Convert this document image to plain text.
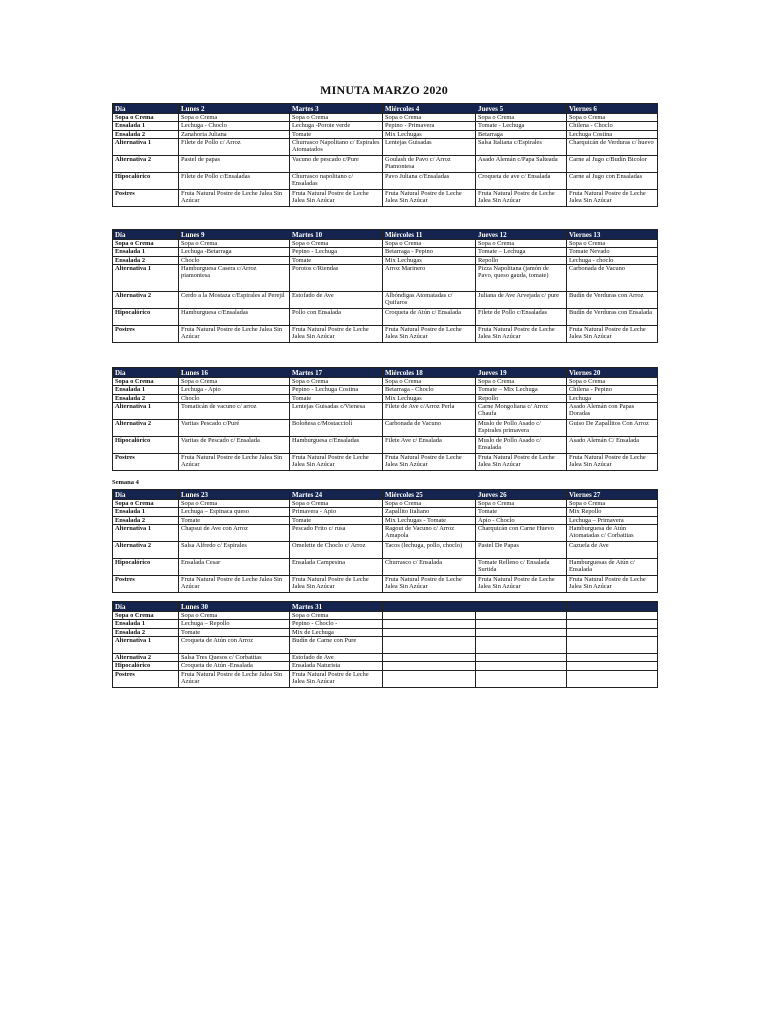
MINUTA MARZO 2020
Semana 4
Día	Lunes 2	Martes 3	Miércoles 4	Jueves 5	Viernes 6
Sopa o Crema	Sopa o Crema	Sopa o Crema	Sopa o Crema	Sopa o Crema	Sopa o Crema
Ensalada 1	Lechuga - Choclo	Lechuga -Porote verde	Pepino - Primavera	Tomate - Lechuga	Chilena - Choclo
Ensalada 2	Zanahoria Juliana	Tomate	Mix Lechugas	Betarraga	Lechuga Costina
Alternativa 1	Filete de Pollo c/ Arroz	Churrasco Napolitano c/ Espirales Atomatados	Lentejas Guisadas	Salsa Italiana c/Espirales	Charquicán de Verduras c/ huevo
Alternativa 2	Pastel de papas	Vacuno de pescado c/Pure	Goulash de Pavo c/ Arroz Piamontesa	Asado Alemán c/Papa Salteada	Carne al Jugo c/Budín Bicolor
Hipocalórico	Filete de Pollo c/Ensaladas	Churrasco napolitano c/ Ensaladas	Pavo Juliana c/Ensaladas	Croqueta de ave c/ Ensalada	Carne al Jugo con Ensaladas
Postres	Fruta Natural Postre de Leche Jalea Sin Azúcar	Fruta Natural Postre de Leche Jalea Sin Azúcar	Fruta Natural Postre de Leche Jalea Sin Azúcar	Fruta Natural Postre de Leche Jalea Sin Azúcar	Fruta Natural Postre de Leche Jalea Sin Azúcar
Día	Lunes 9	Martes 10	Miércoles 11	Jueves 12	Viernes 13
Sopa o Crema	Sopa o Crema	Sopa o Crema	Sopa o Crema	Sopa o Crema	Sopa o Crema
Ensalada 1	Lechuga -Betarraga	Pepino - Lechuga	Betarraga - Pepino	Tomate – Lechuga	Tomate Nevado
Ensalada 2	Choclo	Tomate	Mix Lechugas	Repollo	Lechuga - choclo
Alternativa 1	Hamburguesa Casera c/Arroz piamontesa	Porotos c/Riendas	Arroz Marinero	Pizza Napolitana (jamón de Pavo, queso gauda, tomate)	Carbonada de Vacuno
Alternativa 2	Cerdo a la Mostaza c/Espirales al Perejil	Estofado de Ave	Albóndigas Atomatadas c/ Quifaros	Juliana de Ave Arvejada c/ pure	Budín de Verduras con Arroz
Hipocalórico	Hamburguesa c/Ensaladas	Pollo con Ensalada	Croqueta de Atún c/ Ensalada	Filete de Pollo c/Ensaladas	Budín de Verduras con Ensalada
Postres	Fruta Natural Postre de Leche Jalea Sin Azúcar	Fruta Natural Postre de Leche Jalea Sin Azúcar	Fruta Natural Postre de Leche Jalea Sin Azúcar	Fruta Natural Postre de Leche Jalea Sin Azúcar	Fruta Natural Postre de Leche Jalea Sin Azúcar
Día	Lunes 16	Martes 17	Miércoles 18	Jueves 19	Viernes 20
Sopa o Crema	Sopa o Crema	Sopa o Crema	Sopa o Crema	Sopa o Crema	Sopa o Crema
Ensalada 1	Lechuga - Apio	Pepino - Lechuga Costina	Betarraga - Choclo	Tomate – Mix Lechuga	Chilena - Pepino
Ensalada 2	Choclo	Tomate	Mix Lechugas	Repollo	Lechuga
Alternativa 1	Tomaticán de vacuno c/ arroz	Lentejas Guisadas c/Vienesa	Filete de Ave c/Arroz Perla	Carne Mongoliana c/ Arroz Chaufa	Asado Alemán con Papas Doradas
Alternativa 2	Varitas Pescado c/Puré	Boloñesa c/Mostacciolí	Carbonada de Vacuno	Muslo de Pollo Asado c/ Espirales primavera	Guiso De Zapallitos Con Arroz
Hipocalórico	Varitas de Pescado c/ Ensalada	Hamburguesa c/Ensaladas	Filete Ave c/ Ensalada	Muslo de Pollo Asado c/ Ensalada	Asado Alemán C/ Ensalada
Postres	Fruta Natural Postre de Leche Jalea Sin Azúcar	Fruta Natural Postre de Leche Jalea Sin Azúcar	Fruta Natural Postre de Leche Jalea Sin Azúcar	Fruta Natural Postre de Leche Jalea Sin Azúcar	Fruta Natural Postre de Leche Jalea Sin Azúcar
Día	Lunes 23	Martes 24	Miércoles 25	Jueves 26	Viernes 27
Sopa o Crema	Sopa o Crema	Sopa o Crema	Sopa o Crema	Sopa o Crema	Sopa o Crema
Ensalada 1	Lechuga – Espinaca queso	Primavera - Apio	Zapallito Italiano	Tomate	Mix Repollo
Ensalada 2	Tomate	Tomate	Mix Lechugas - Tomate	Apio - Choclo	Lechuga – Primavera
Alternativa 1	Chapsui de Ave con Arroz	Pescado Frito c/ rusa	Ragout de Vacuno c/ Arroz Amapola	Charquicán con Carne Huevo	Hamburguesa de Atún Atomatadas c/ Corbatitas
Alternativa 2	Salsa Alfredo c/ Espirales	Omelette de Choclo c/ Arroz	Tacos (lechuga, pollo, choclo)	Pastel De Papas	Cazuela de Ave
Hipocalórico	Ensalada Cesar	Ensalada Campesina	Churrasco c/ Ensalada	Tomate Relleno c/ Ensalada Surtida	Hamburguesas de Atún c/ Ensalada
Postres	Fruta Natural Postre de Leche Jalea Sin Azúcar	Fruta Natural Postre de Leche Jalea Sin Azúcar	Fruta Natural Postre de Leche Jalea Sin Azúcar	Fruta Natural Postre de Leche Jalea Sin Azúcar	Fruta Natural Postre de Leche Jalea Sin Azúcar
Día	Lunes 30	Martes 31			
Sopa o Crema	Sopa o Crema	Sopa o Crema			
Ensalada 1	Lechuga – Repollo	Pepino - Choclo -			
Ensalada 2	Tomate	Mix de Lechuga			
Alternativa 1	Croqueta de Atún con Arroz	Budín de Carne con Pure			
Alternativa 2	Salsa Tres Quesos c/ Corbatitas	Estofado de Ave			
Hipocalórico	Croqueta de Atún -Ensalada	Ensalada Naturista			
Postres	Fruta Natural Postre de Leche Jalea Sin Azúcar	Fruta Natural Postre de Leche Jalea Sin Azúcar			
